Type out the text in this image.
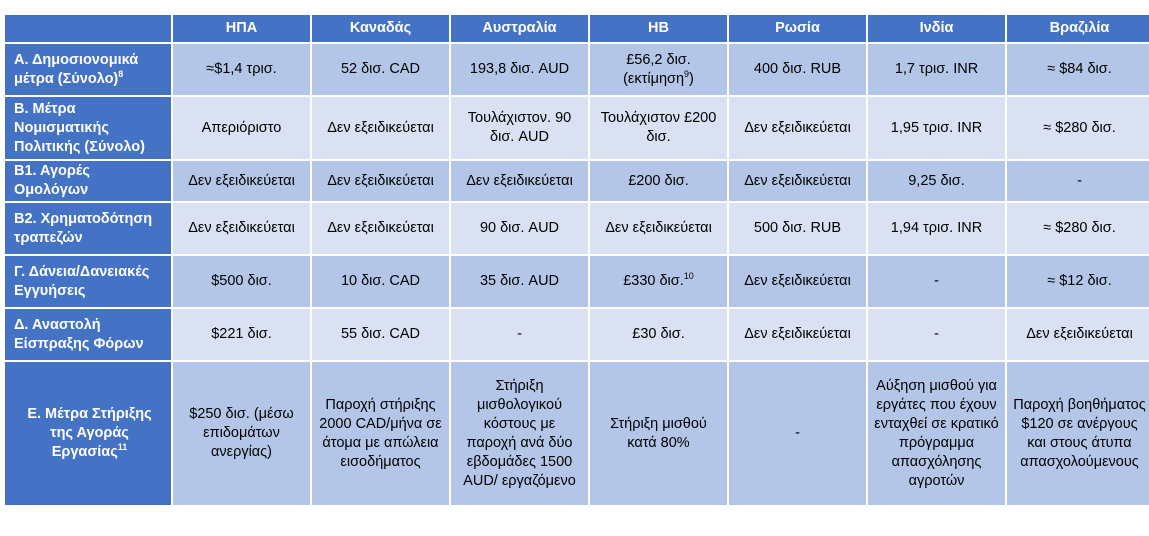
	ΗΠΑ	Καναδάς	Αυστραλία	ΗΒ	Ρωσία	Ινδία	Βραζιλία
Α. Δημοσιονομικά μέτρα $(\Sigma ύ\nu o\lambda o)^8$	≈$1,4 τρισ.	52 δισ. CAD	193,8 δισ. AUD	£56,2 δισ. (εκτίμηση$^9$)	400 δισ. RUB	1,7 τρισ. INR	≈ $84 δισ.
Β. Μέτρα Νομισματικής Πολιτικής (Σύνολο)	Απεριόριστο	Δεν εξειδικεύεται	Τουλάχιστον. 90 δισ. AUD	Τουλάχιστον £200 δισ.	Δεν εξειδικεύεται	1,95 τρισ. INR	≈ $280 δισ.
Β1. Αγορές Ομολόγων	Δεν εξειδικεύεται	Δεν εξειδικεύεται	Δεν εξειδικεύεται	£200 δισ.	Δεν εξειδικεύεται	9,25 δισ.	-
Β2. Χρηματοδότηση τραπεζών	Δεν εξειδικεύεται	Δεν εξειδικεύεται	90 δισ. AUD	Δεν εξειδικεύεται	500 δισ. RUB	1,94 τρισ. INR	≈ $280 δισ.
Γ. Δάνεια/Δανειακές Εγγυήσεις	$500 δισ.	10 δισ. CAD	35 δισ. AUD	£330 δισ.$^{10}$	Δεν εξειδικεύεται	-	≈ $12 δισ.
Δ. Αναστολή Είσπραξης Φόρων	$221 δισ.	55 δισ. CAD	-	£30 δισ.	Δεν εξειδικεύεται	-	Δεν εξειδικεύεται
Ε. Μέτρα Στήριξης της Αγοράς Εργασίας$^{11}$	$250 δισ. (μέσω επιδομάτων ανεργίας)	Παροχή στήριξης 2000 CAD/μήνα σε άτομα με απώλεια εισοδήματος	Στήριξη μισθολογικού κόστους με παροχή ανά δύο εβδομάδες 1500 AUD/ εργαζόμενο	Στήριξη μισθού κατά 80%	-	Αύξηση μισθού για εργάτες που έχουν ενταχθεί σε κρατικό πρόγραμμα απασχόλησης αγροτών	Παροχή βοηθήματος $120 σε ανέργους και στους άτυπα απασχολούμενους
